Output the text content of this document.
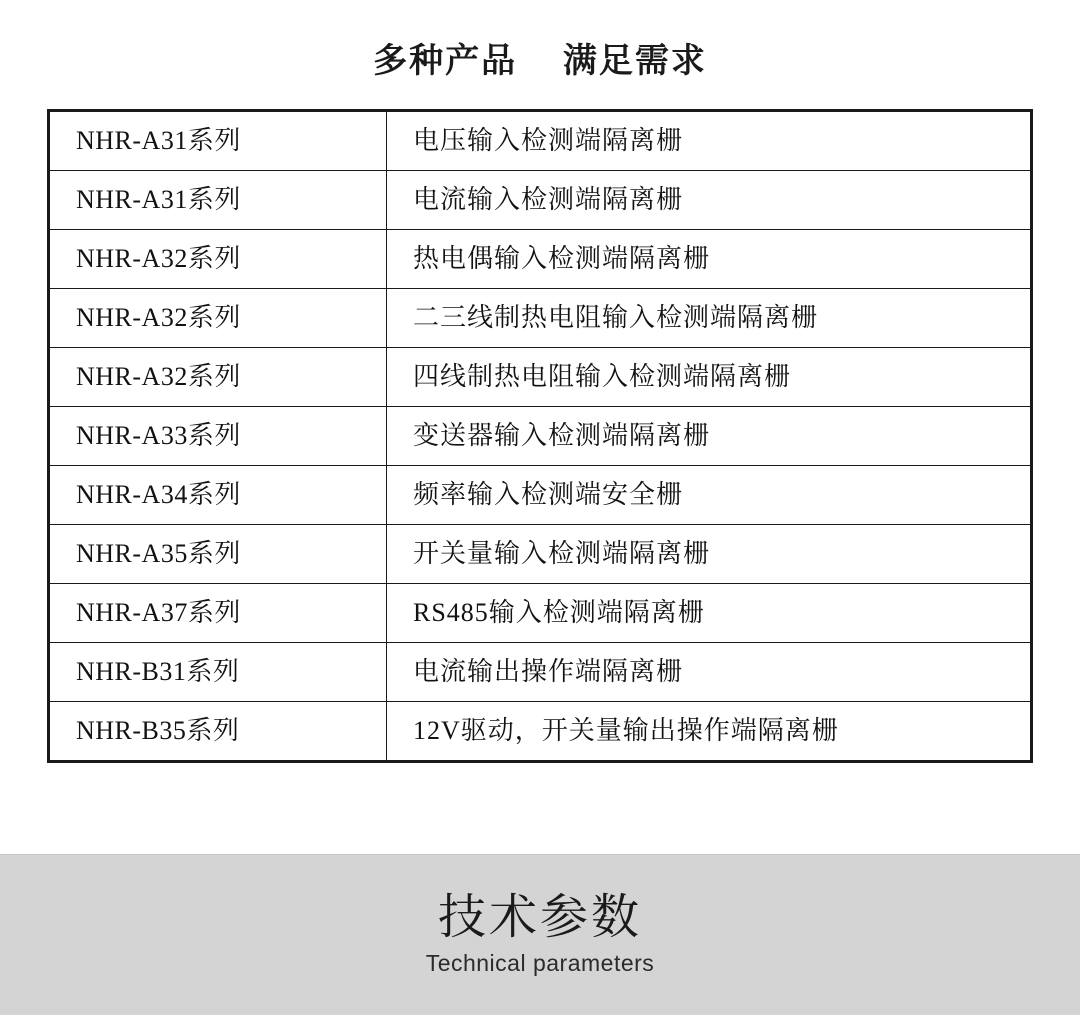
多种产品    满足需求
NHR-A31系列	电压输入检测端隔离栅
NHR-A31系列	电流输入检测端隔离栅
NHR-A32系列	热电偶输入检测端隔离栅
NHR-A32系列	二三线制热电阻输入检测端隔离栅
NHR-A32系列	四线制热电阻输入检测端隔离栅
NHR-A33系列	变送器输入检测端隔离栅
NHR-A34系列	频率输入检测端安全栅
NHR-A35系列	开关量输入检测端隔离栅
NHR-A37系列	RS485输入检测端隔离栅
NHR-B31系列	电流输出操作端隔离栅
NHR-B35系列	12V驱动，开关量输出操作端隔离栅
技术参数
Technical parameters
